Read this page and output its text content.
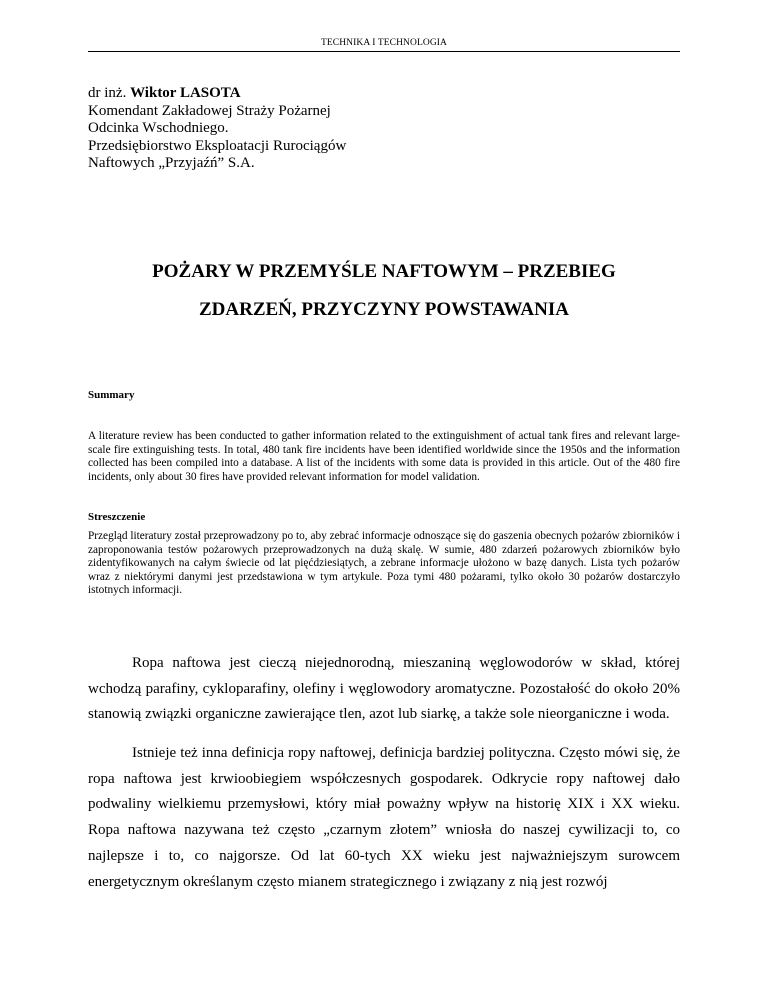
TECHNIKA I TECHNOLOGIA
dr inż. Wiktor LASOTA
Komendant Zakładowej Straży Pożarnej
Odcinka Wschodniego.
Przedsiębiorstwo Eksploatacji Rurociągów
Naftowych „Przyjaźń” S.A.
POŻARY W PRZEMYŚLE NAFTOWYM – PRZEBIEG
ZDARZEŃ, PRZYCZYNY POWSTAWANIA
Summary
A literature review has been conducted to gather information related to the extinguishment of actual tank fires and relevant large-scale fire extinguishing tests. In total, 480 tank fire incidents have been identified worldwide since the 1950s and the information collected has been compiled into a database. A list of the incidents with some data is provided in this article. Out of the 480 fire incidents, only about 30 fires have provided relevant information for model validation.
Streszczenie
Przegląd literatury został przeprowadzony po to, aby zebrać informacje odnoszące się do gaszenia obecnych pożarów zbiorników i zaproponowania testów pożarowych przeprowadzonych na dużą skalę. W sumie, 480 zdarzeń pożarowych zbiorników było zidentyfikowanych na całym świecie od lat pięćdziesiątych, a zebrane informacje ułożono w bazę danych. Lista tych pożarów wraz z niektórymi danymi jest przedstawiona w tym artykule. Poza tymi 480 pożarami, tylko około 30 pożarów dostarczyło istotnych informacji.
Ropa naftowa jest cieczą niejednorodną, mieszaniną węglowodorów w skład, której wchodzą parafiny, cykloparafiny, olefiny i węglowodory aromatyczne. Pozostałość do około 20% stanowią związki organiczne zawierające tlen, azot lub siarkę, a także sole nieorganiczne i woda.
Istnieje też inna definicja ropy naftowej, definicja bardziej polityczna. Często mówi się, że ropa naftowa jest krwioobiegiem współczesnych gospodarek. Odkrycie ropy naftowej dało podwaliny wielkiemu przemysłowi, który miał poważny wpływ na historię XIX i XX wieku. Ropa naftowa nazywana też często „czarnym złotem” wniosła do naszej cywilizacji to, co najlepsze i to, co najgorsze. Od lat 60-tych XX wieku jest najważniejszym surowcem energetycznym określanym często mianem strategicznego i związany z nią jest rozwój
